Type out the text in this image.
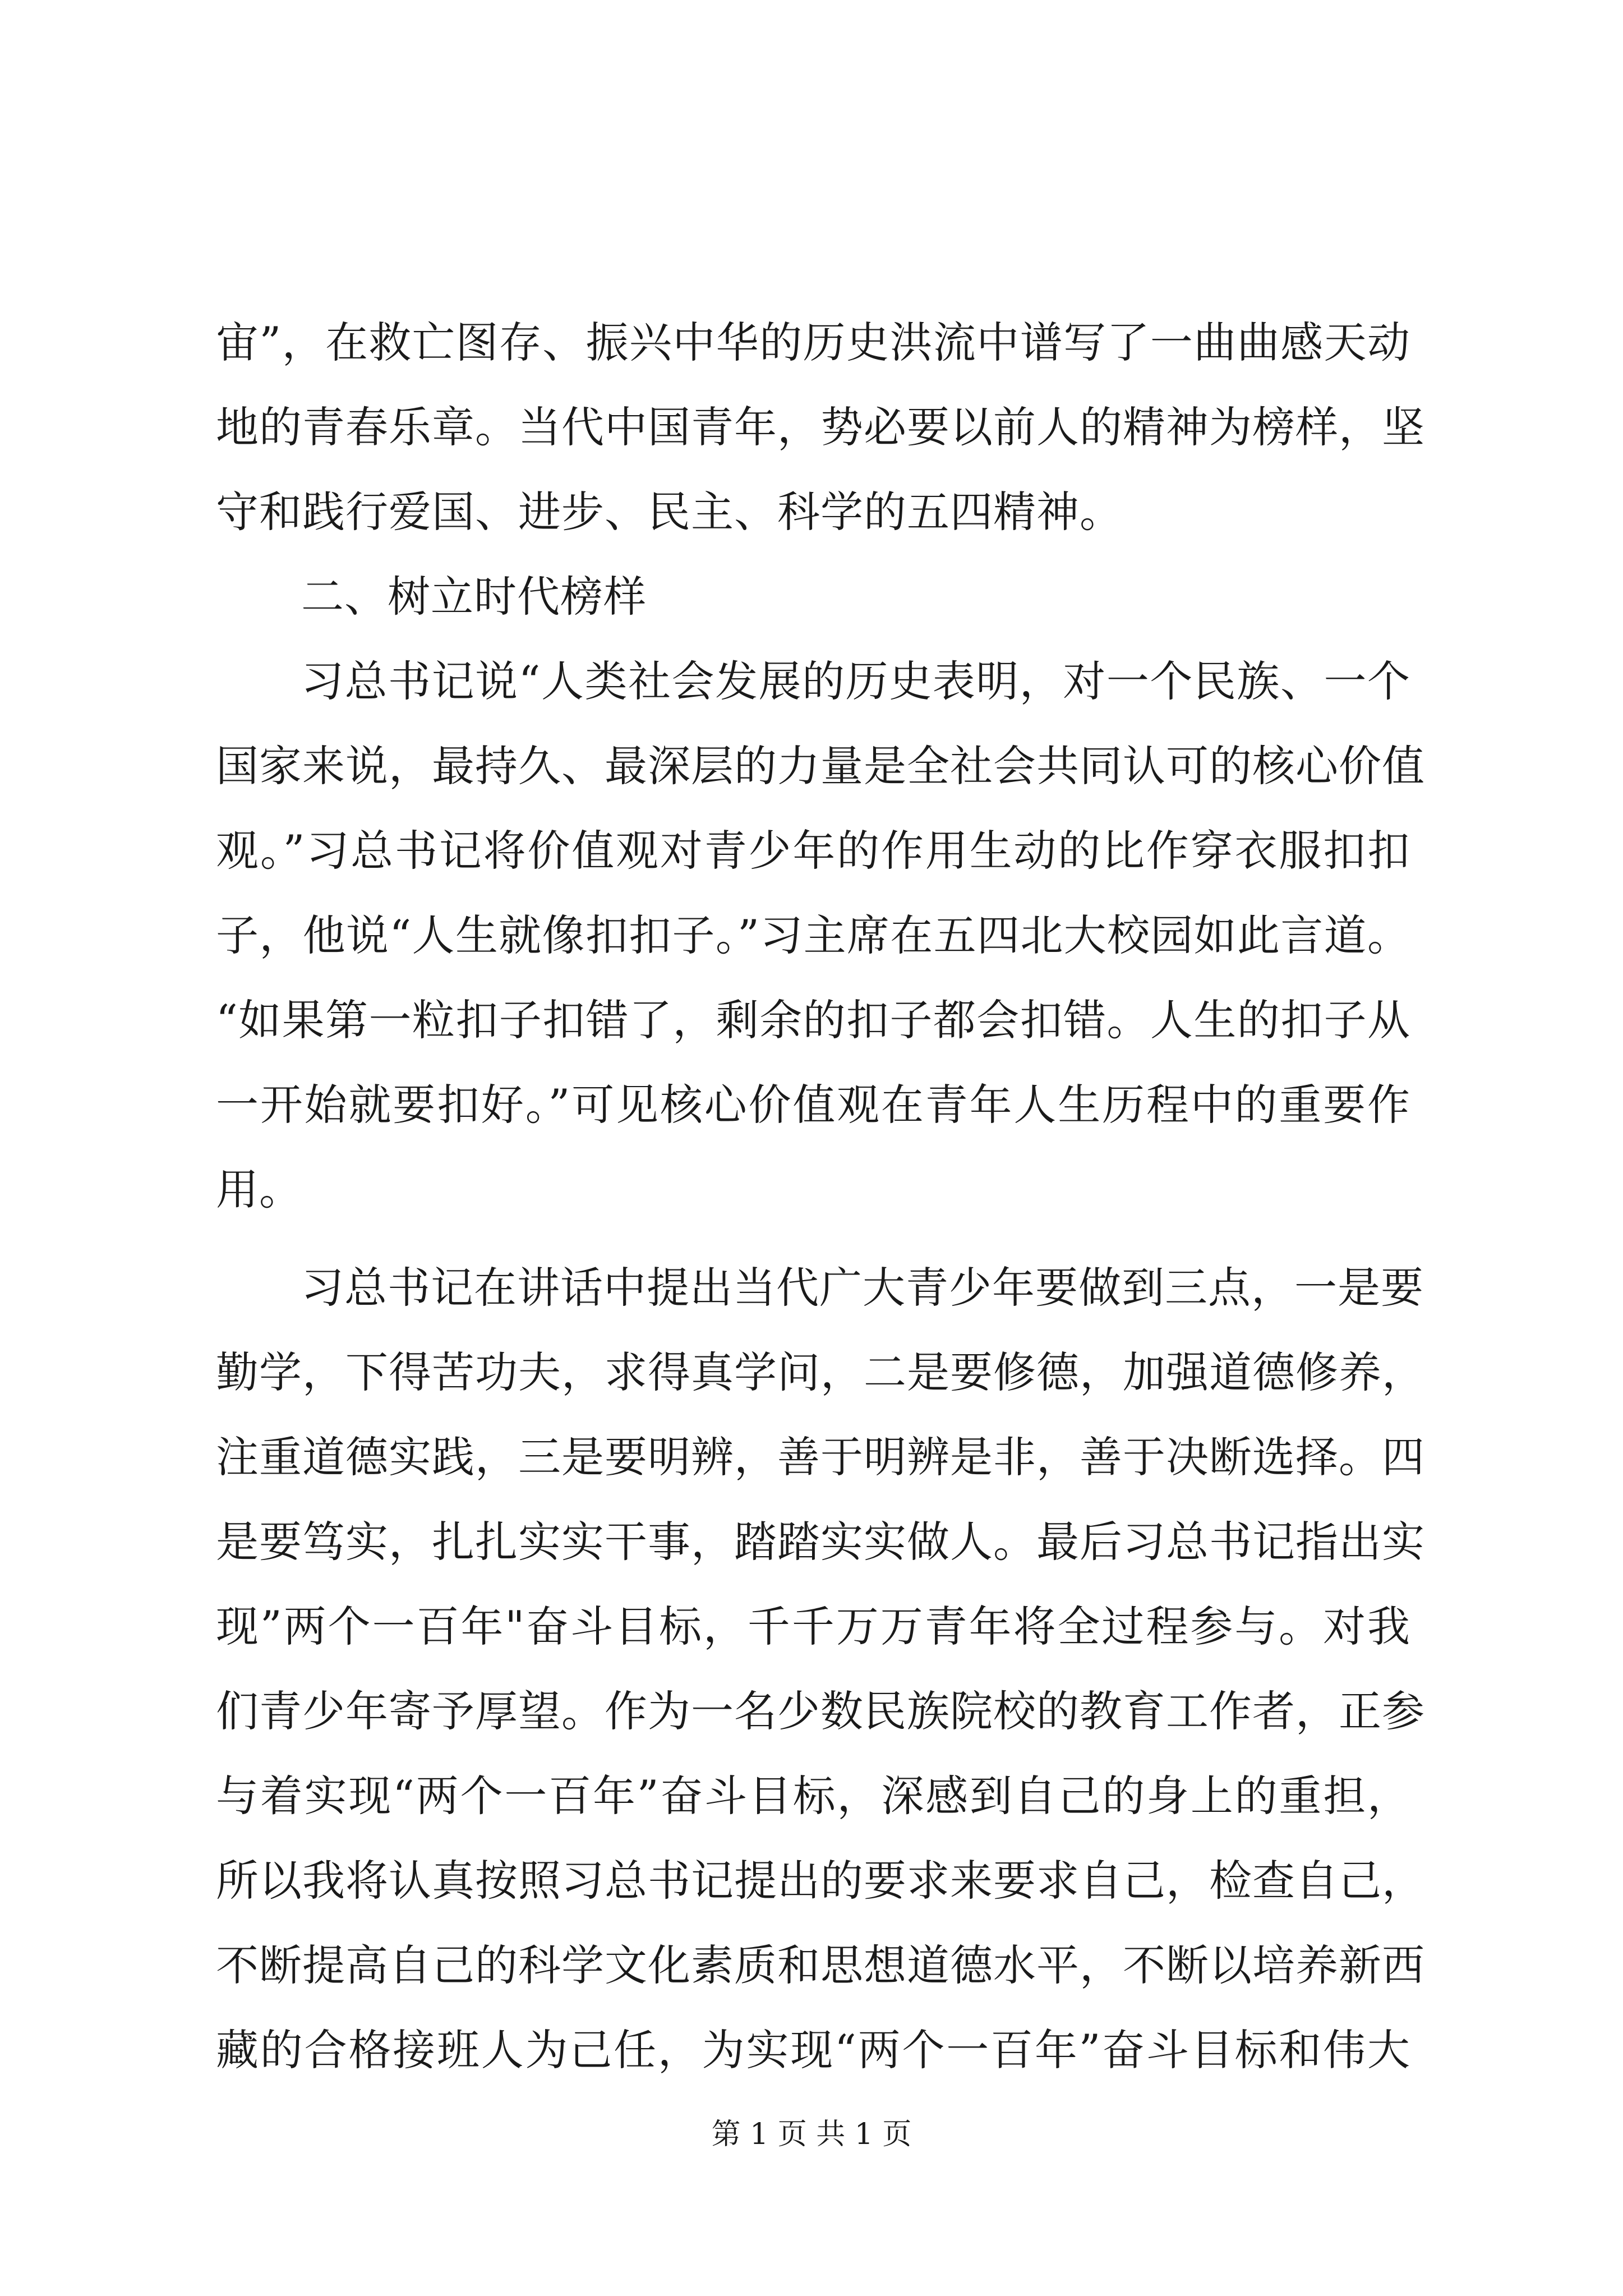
宙”，在救亡图存、振兴中华的历史洪流中谱写了一曲曲感天动
地的青春乐章。当代中国青年，势必要以前人的精神为榜样，坚
守和践行爱国、进步、民主、科学的五四精神。
二、树立时代榜样
习总书记说“人类社会发展的历史表明，对一个民族、一个
国家来说，最持久、最深层的力量是全社会共同认可的核心价值
观。”习总书记将价值观对青少年的作用生动的比作穿衣服扣扣
子，他说“人生就像扣扣子。”习主席在五四北大校园如此言道。
“如果第一粒扣子扣错了，剩余的扣子都会扣错。人生的扣子从
一开始就要扣好。”可见核心价值观在青年人生历程中的重要作
用。
习总书记在讲话中提出当代广大青少年要做到三点，一是要
勤学，下得苦功夫，求得真学问，二是要修德，加强道德修养，
注重道德实践，三是要明辨，善于明辨是非，善于决断选择。四
是要笃实，扎扎实实干事，踏踏实实做人。最后习总书记指出实
现”两个一百年"奋斗目标，千千万万青年将全过程参与。对我
们青少年寄予厚望。作为一名少数民族院校的教育工作者，正参
与着实现“两个一百年”奋斗目标，深感到自己的身上的重担，
所以我将认真按照习总书记提出的要求来要求自己，检查自己，
不断提高自己的科学文化素质和思想道德水平，不断以培养新西
藏的合格接班人为己任，为实现“两个一百年”奋斗目标和伟大
第 1 页 共 1 页
